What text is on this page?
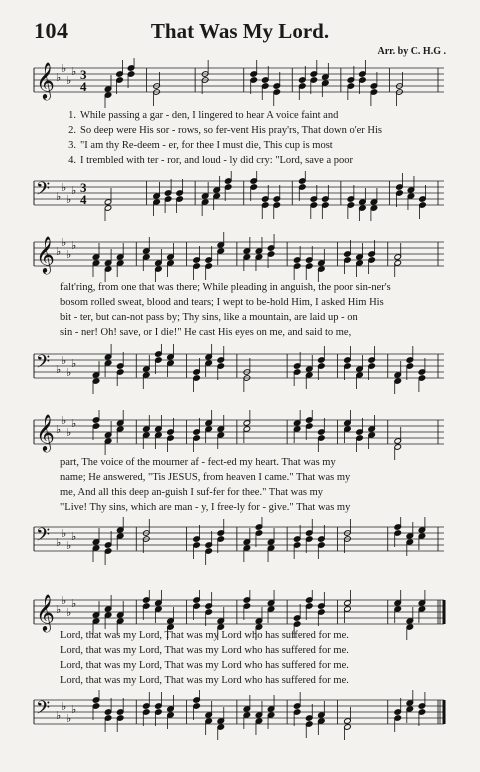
104	That Was My Lord.
Arr. by C. H.G .
𝄞 ♭
♭
♭
♭ 3
4
1. While passing a gar - den, I lingered to hear A voice faint and
2. So deep were His sor - rows, so fer-vent His pray'rs, That down o'er His
3. "I am thy Re-deem - er, for thee I must die, This cup is most
4. I trembled with ter - ror, and loud - ly did cry: "Lord, save a poor
𝄢 ♭
♭
♭
♭ 3
4
𝄞 ♭
♭
♭
♭
falt'ring, from one that was there; While pleading in anguish, the poor sin-ner's
bosom rolled sweat, blood and tears; I wept to be-hold Him, I asked Him His
bit - ter, but can-not pass by; Thy sins, like a mountain, are laid up - on
sin - ner! Oh! save, or I die!" He cast His eyes on me, and said to me,
𝄢 ♭
♭
♭
♭
𝄞 ♭
♭
♭
♭
part, The voice of the mourner af - fect-ed my heart. That was my
name; He answered, "Tis JESUS, from heaven I came." That was my
me, And all this deep an-guish I suf-fer for thee." That was my
"Live! Thy sins, which are man - y, I free-ly for - give." That was my
𝄢 ♭
♭
♭
♭
𝄞 ♭
♭
♭
♭
Lord, that was my Lord, That was my Lord who has suffered for me.
Lord, that was my Lord, That was my Lord who has suffered for me.
Lord, that was my Lord, That was my Lord who has suffered for me.
Lord, that was my Lord, That was my Lord who has suffered for me.
𝄢 ♭
♭
♭
♭
